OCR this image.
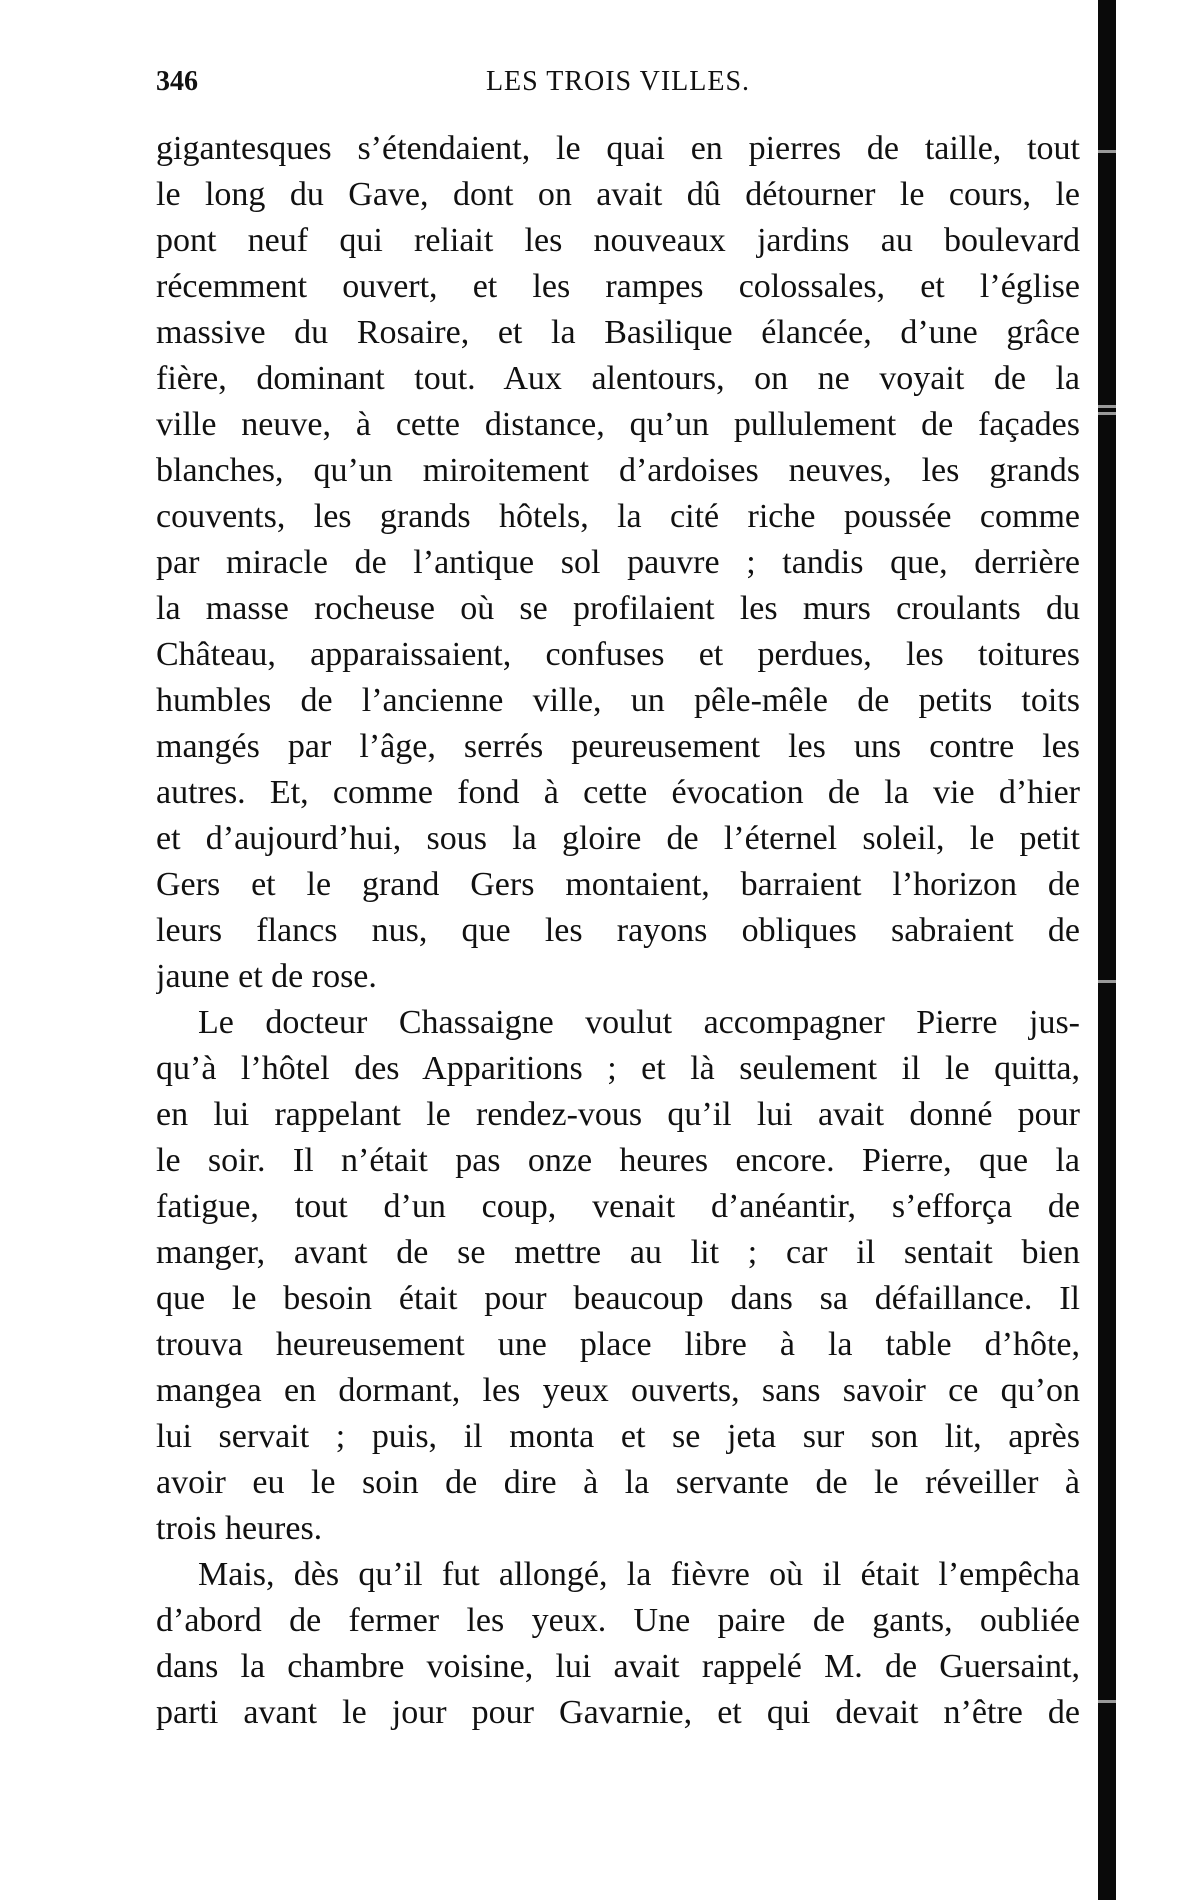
346	LES TROIS VILLES.
gigantesques s’étendaient, le quai en pierres de taille, tout
le long du Gave, dont on avait dû détourner le cours, le
pont neuf qui reliait les nouveaux jardins au boulevard
récemment ouvert, et les rampes colossales, et l’église
massive du Rosaire, et la Basilique élancée, d’une grâce
fière, dominant tout. Aux alentours, on ne voyait de la
ville neuve, à cette distance, qu’un pullulement de façades
blanches, qu’un miroitement d’ardoises neuves, les grands
couvents, les grands hôtels, la cité riche poussée comme
par miracle de l’antique sol pauvre ; tandis que, derrière
la masse rocheuse où se profilaient les murs croulants du
Château, apparaissaient, confuses et perdues, les toitures
humbles de l’ancienne ville, un pêle-mêle de petits toits
mangés par l’âge, serrés peureusement les uns contre les
autres. Et, comme fond à cette évocation de la vie d’hier
et d’aujourd’hui, sous la gloire de l’éternel soleil, le petit
Gers et le grand Gers montaient, barraient l’horizon de
leurs flancs nus, que les rayons obliques sabraient de
jaune et de rose.
Le docteur Chassaigne voulut accompagner Pierre jus-
qu’à l’hôtel des Apparitions ; et là seulement il le quitta,
en lui rappelant le rendez-vous qu’il lui avait donné pour
le soir. Il n’était pas onze heures encore. Pierre, que la
fatigue, tout d’un coup, venait d’anéantir, s’efforça de
manger, avant de se mettre au lit ; car il sentait bien
que le besoin était pour beaucoup dans sa défaillance. Il
trouva heureusement une place libre à la table d’hôte,
mangea en dormant, les yeux ouverts, sans savoir ce qu’on
lui servait ; puis, il monta et se jeta sur son lit, après
avoir eu le soin de dire à la servante de le réveiller à
trois heures.
Mais, dès qu’il fut allongé, la fièvre où il était l’empêcha
d’abord de fermer les yeux. Une paire de gants, oubliée
dans la chambre voisine, lui avait rappelé M. de Guersaint,
parti avant le jour pour Gavarnie, et qui devait n’être de
